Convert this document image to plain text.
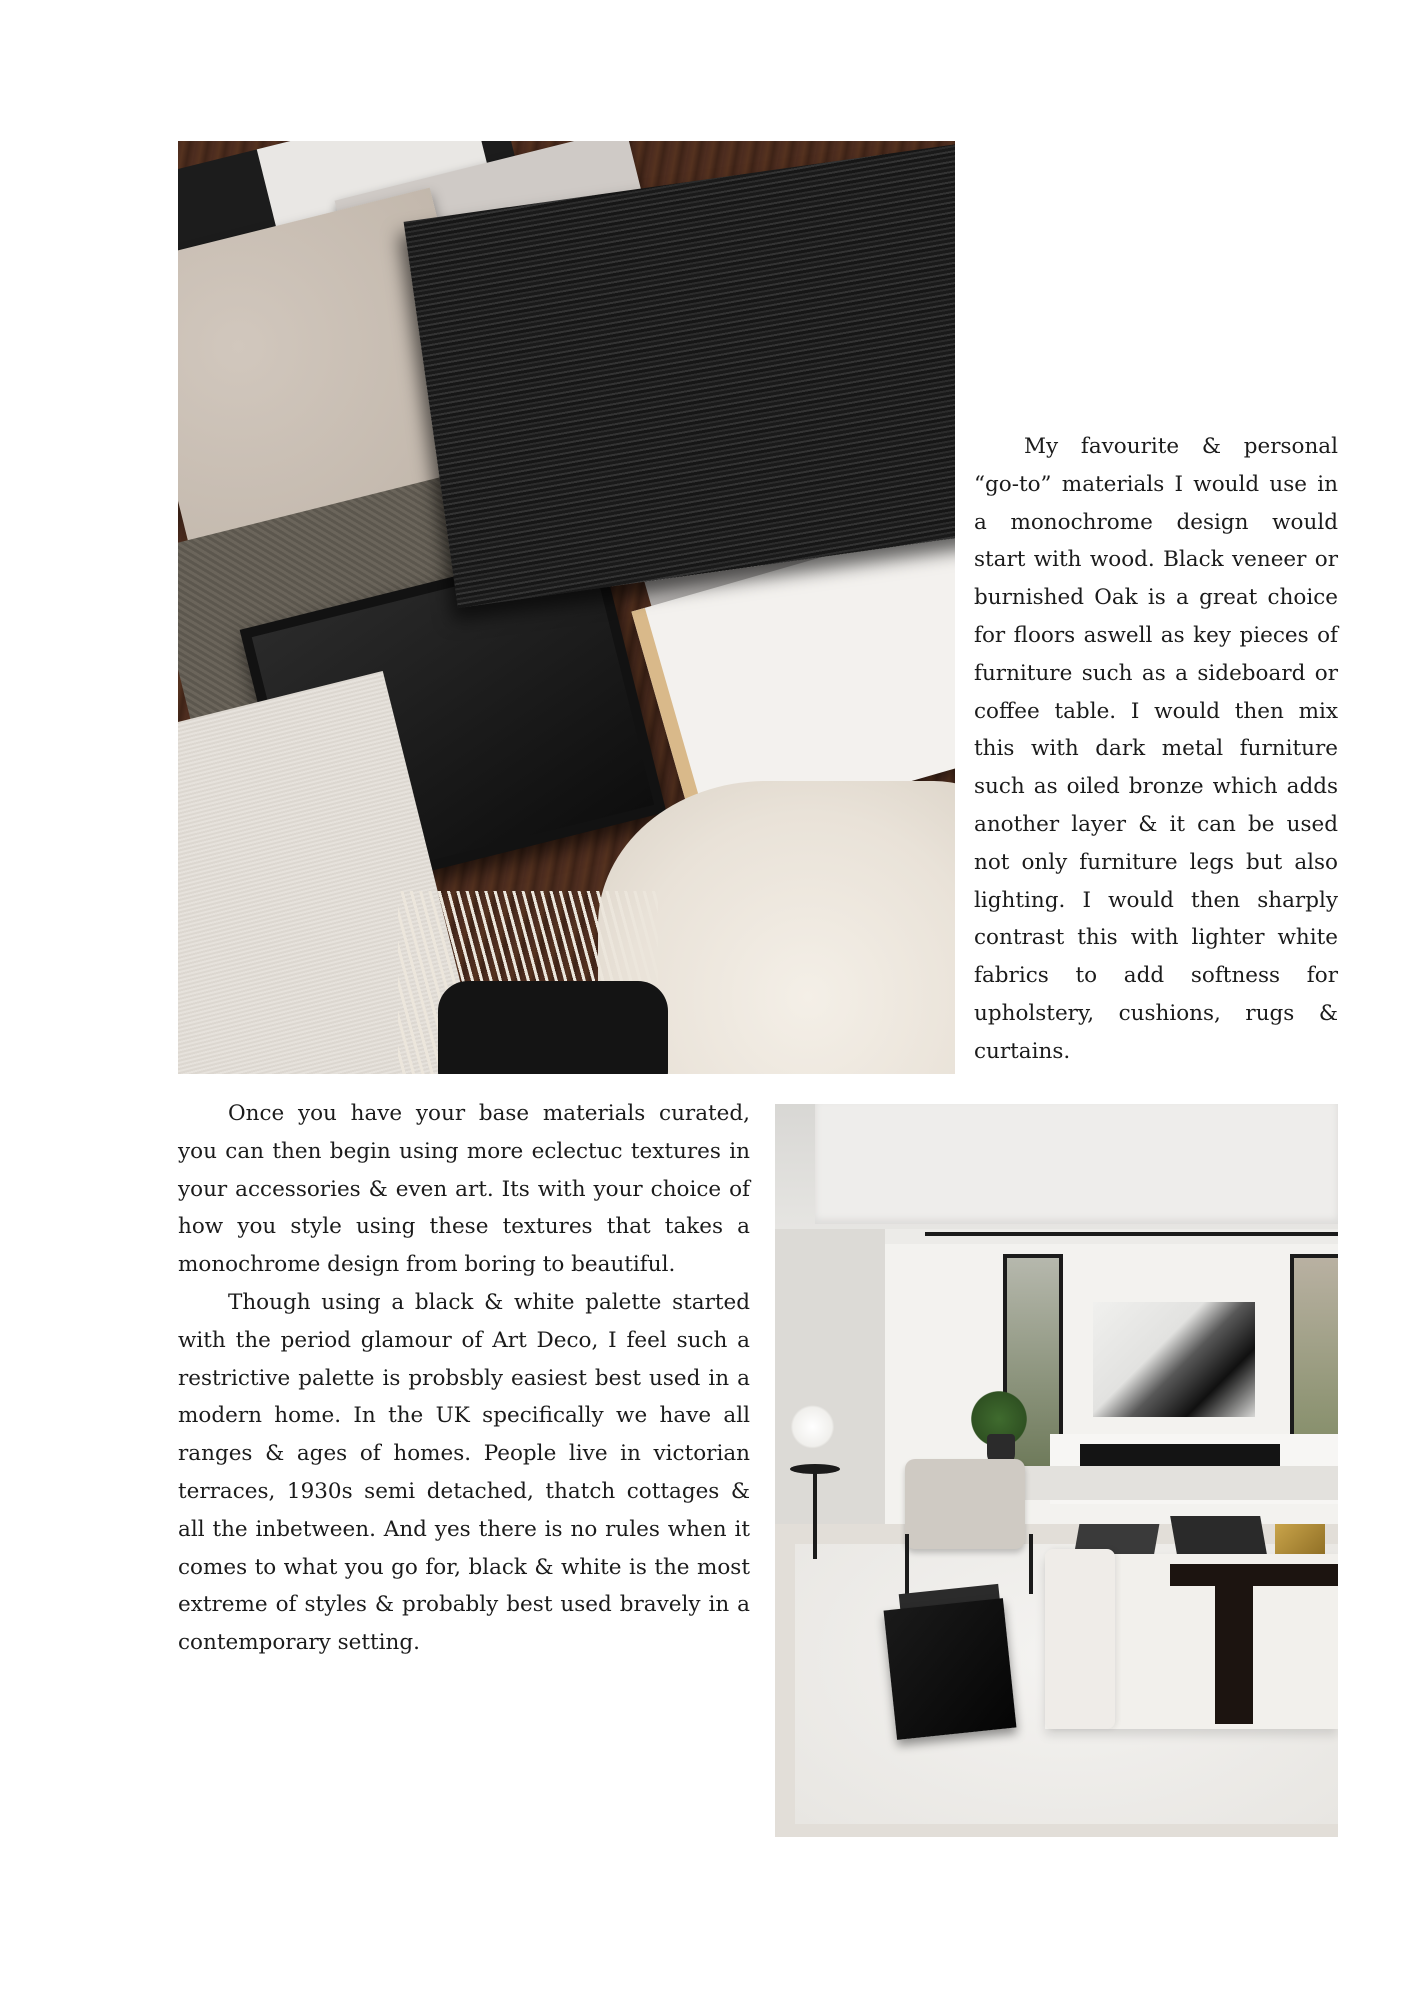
My favourite & personal “go-to” materials I would use in a monochrome design would start with wood. Black veneer or burnished Oak is a great choice for floors aswell as key pieces of furniture such as a sideboard or coffee table. I would then mix this with dark metal furniture such as oiled bronze which adds another layer & it can be used not only furniture legs but also lighting. I would then sharply contrast this with lighter white fabrics to add softness for upholstery, cushions, rugs & curtains.

Once you have your base materials curated, you can then begin using more eclectuc textures in your accessories & even art. Its with your choice of how you style using these textures that takes a monochrome design from boring to beautiful.

Though using a black & white palette started with the period glamour of Art Deco, I feel such a restrictive palette is probsbly easiest best used in a modern home. In the UK specifically we have all ranges & ages of homes. People live in victorian terraces, 1930s semi detached, thatch cottages & all the inbetween. And yes there is no rules when it comes to what you go for, black & white is the most extreme of styles & probably best used bravely in a contemporary setting.
